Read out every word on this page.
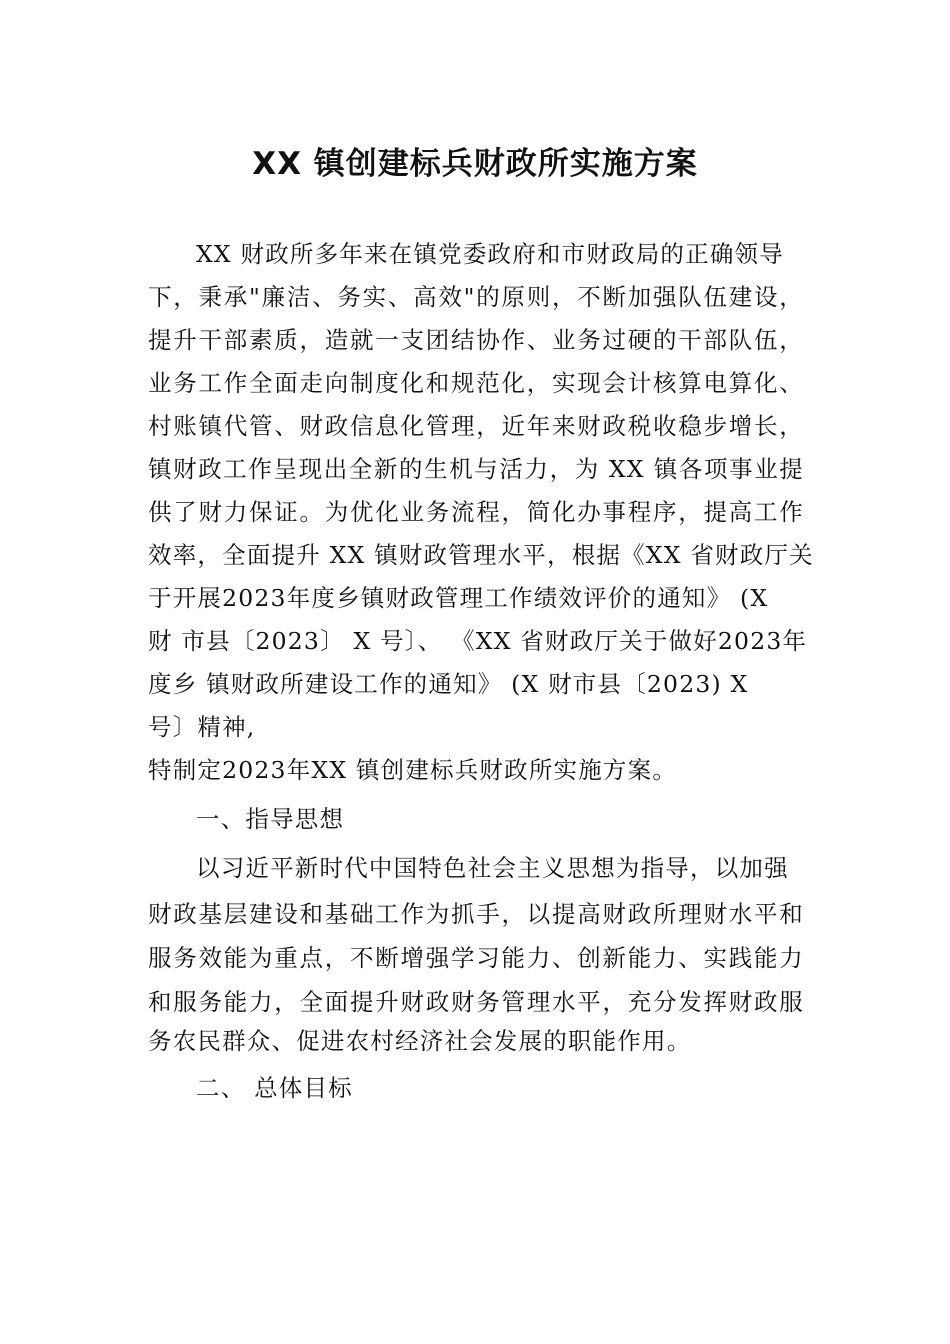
XX 镇创建标兵财政所实施方案
XX 财政所多年来在镇党委政府和市财政局的正确领导
下，秉承"廉洁、务实、高效"的原则，不断加强队伍建设，
提升干部素质，造就一支团结协作、业务过硬的干部队伍，
业务工作全面走向制度化和规范化，实现会计核算电算化、
村账镇代管、财政信息化管理，近年来财政税收稳步增长，
镇财政工作呈现出全新的生机与活力，为 XX 镇各项事业提
供了财力保证。为优化业务流程，简化办事程序，提高工作
效率，全面提升 XX 镇财政管理水平，根据《XX 省财政厅关
于开展2023年度乡镇财政管理工作绩效评价的通知》 (X
财 市县〔2023〕 X 号〕、 《XX 省财政厅关于做好2023年
度乡 镇财政所建设工作的通知》 (X 财市县〔2023) X
号〕精神,
特制定2023年XX 镇创建标兵财政所实施方案。
一、指导思想
以习近平新时代中国特色社会主义思想为指导，以加强
财政基层建设和基础工作为抓手，以提高财政所理财水平和
服务效能为重点，不断增强学习能力、创新能力、实践能力
和服务能力，全面提升财政财务管理水平，充分发挥财政服
务农民群众、促进农村经济社会发展的职能作用。
二、 总体目标
